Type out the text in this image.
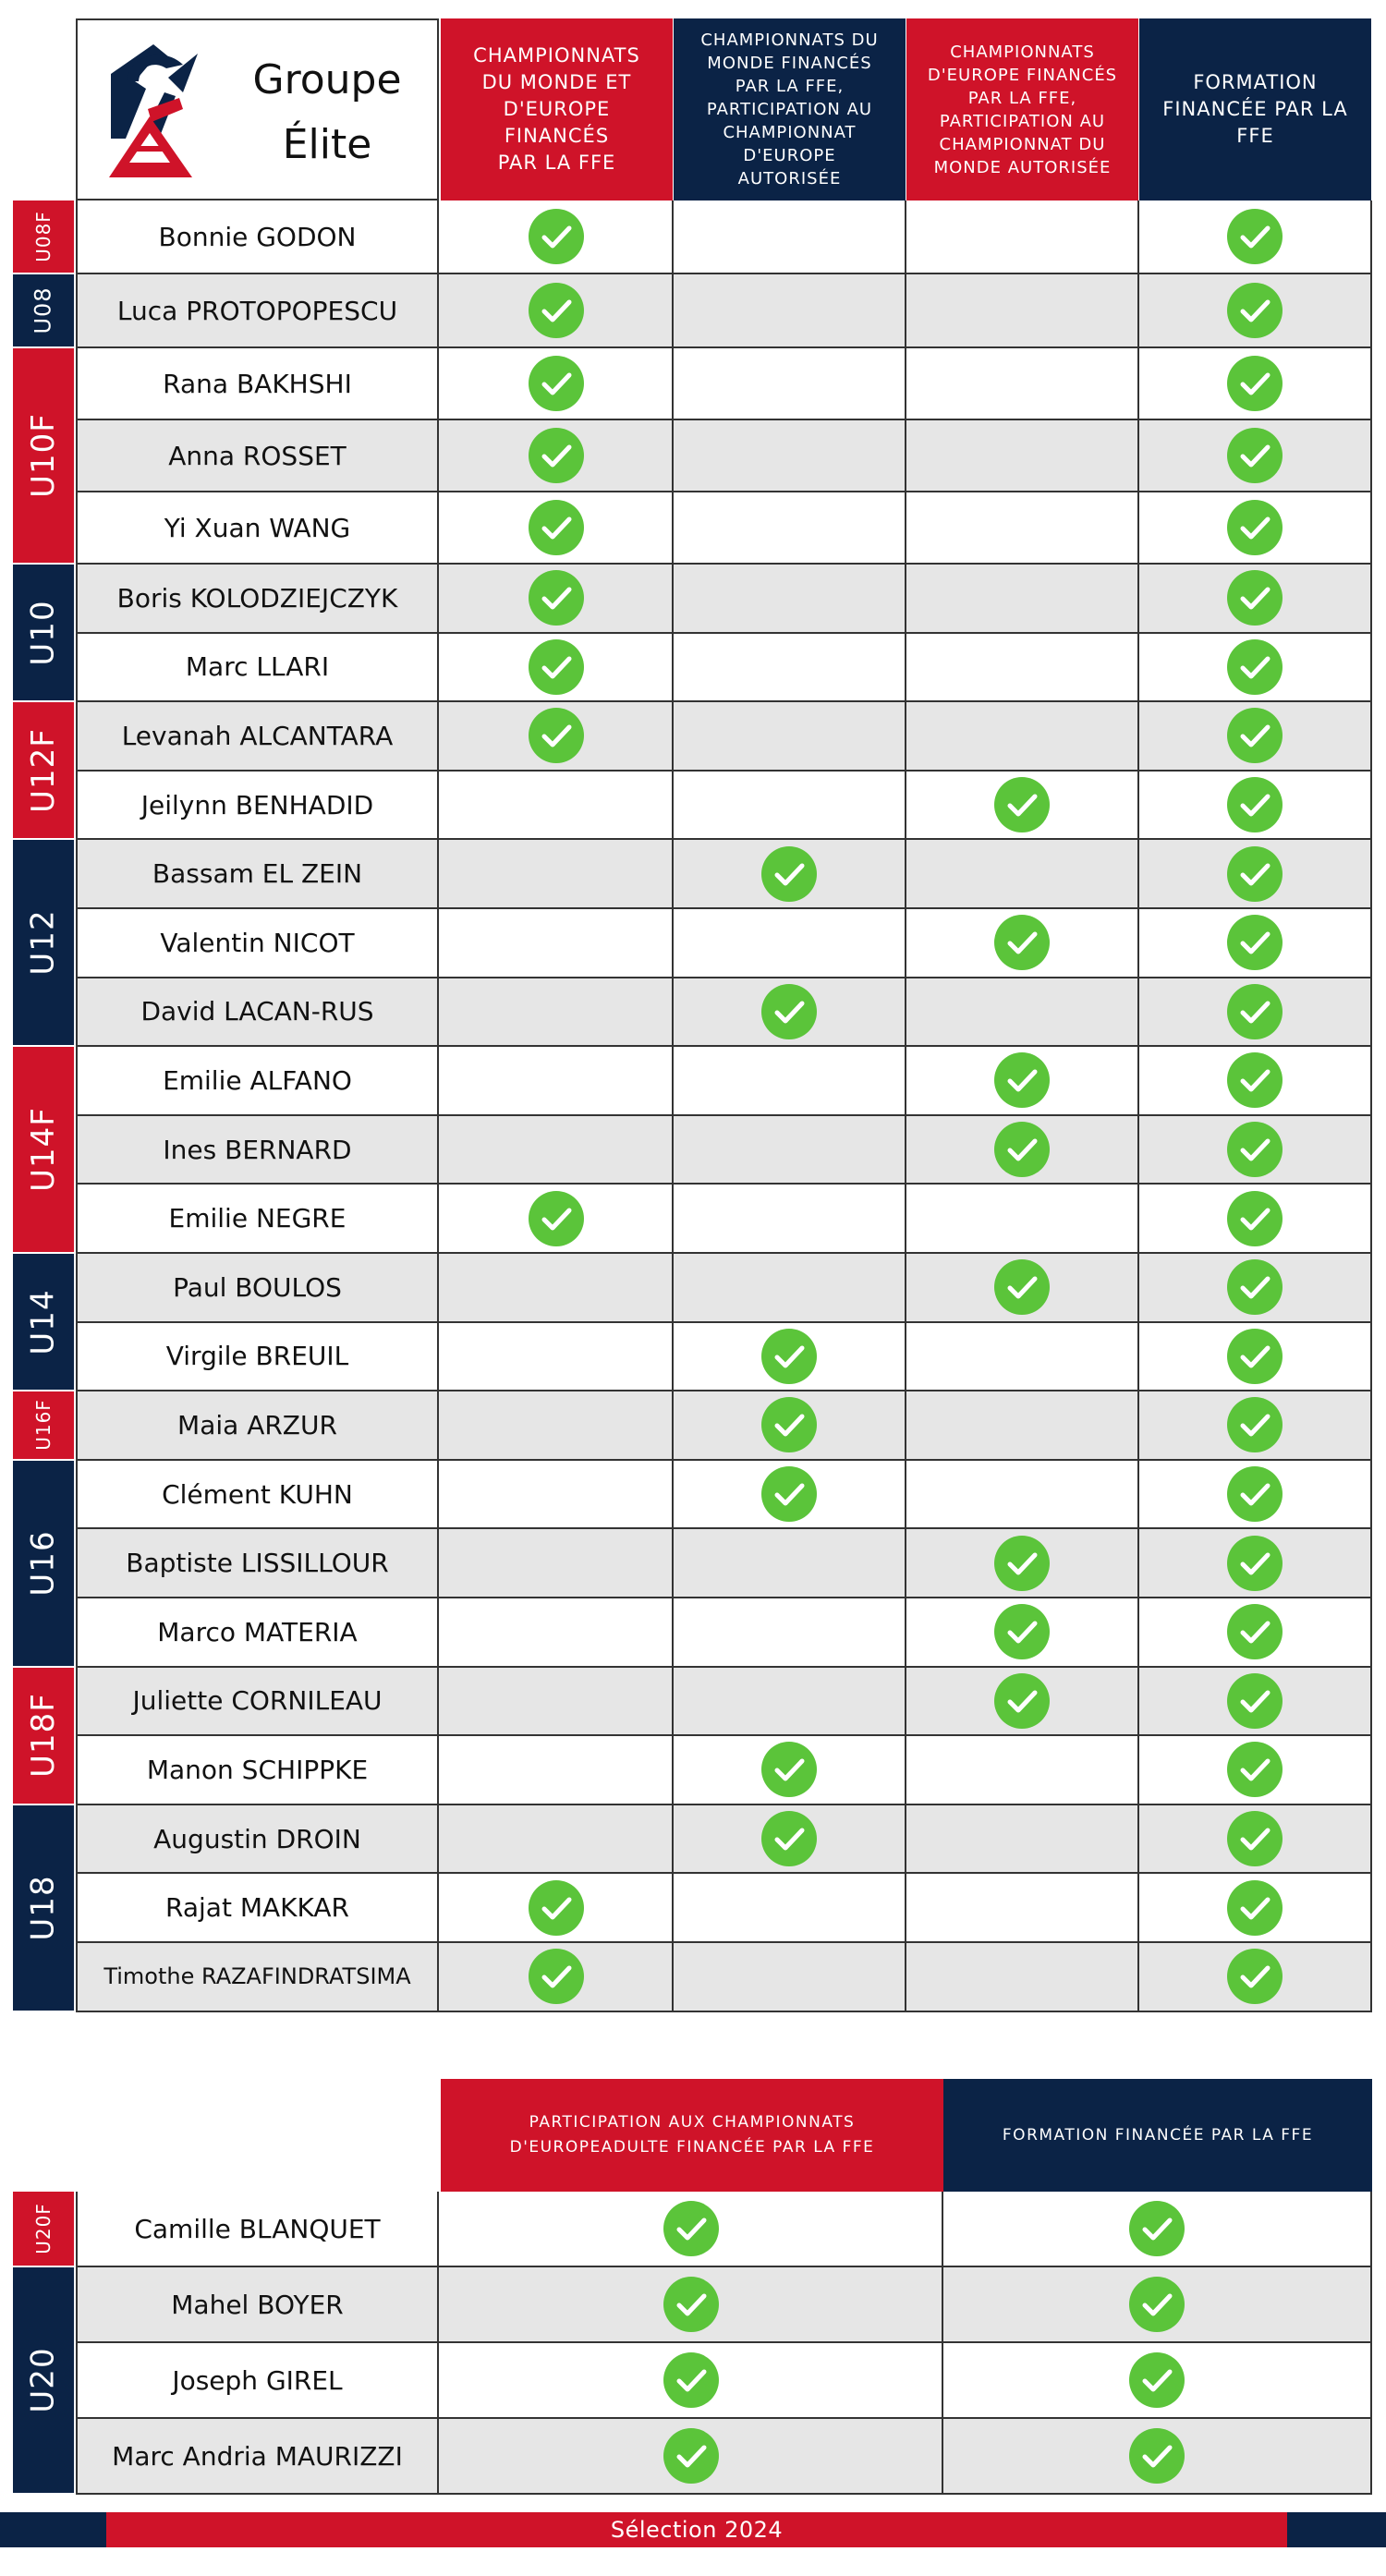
Groupe
Élite
CHAMPIONNATS
DU MONDE ET
D'EUROPE
FINANCÉS
PAR LA FFE
CHAMPIONNATS DU
MONDE FINANCÉS
PAR LA FFE,
PARTICIPATION AU
CHAMPIONNAT
D'EUROPE
AUTORISÉE
CHAMPIONNATS
D'EUROPE FINANCÉS
PAR LA FFE,
PARTICIPATION AU
CHAMPIONNAT DU
MONDE AUTORISÉE
FORMATION
FINANCÉE PAR LA
FFE
Bonnie GODON
Luca PROTOPOPESCU
Rana BAKHSHI
Anna ROSSET
Yi Xuan WANG
Boris KOLODZIEJCZYK
Marc LLARI
Levanah ALCANTARA
Jeilynn BENHADID
Bassam EL ZEIN
Valentin NICOT
David LACAN-RUS
Emilie ALFANO
Ines BERNARD
Emilie NEGRE
Paul BOULOS
Virgile BREUIL
Maia ARZUR
Clément KUHN
Baptiste LISSILLOUR
Marco MATERIA
Juliette CORNILEAU
Manon SCHIPPKE
Augustin DROIN
Rajat MAKKAR
Timothe RAZAFINDRATSIMA
U08F
U08
U10F
U10
U12F
U12
U14F
U14
U16F
U16
U18F
U18
PARTICIPATION AUX CHAMPIONNATS D'EUROPEADULTE FINANCÉE PAR LA FFE
FORMATION FINANCÉE PAR LA FFE
Camille BLANQUET
Mahel BOYER
Joseph GIREL
Marc Andria MAURIZZI
U20F
U20
Sélection 2024
